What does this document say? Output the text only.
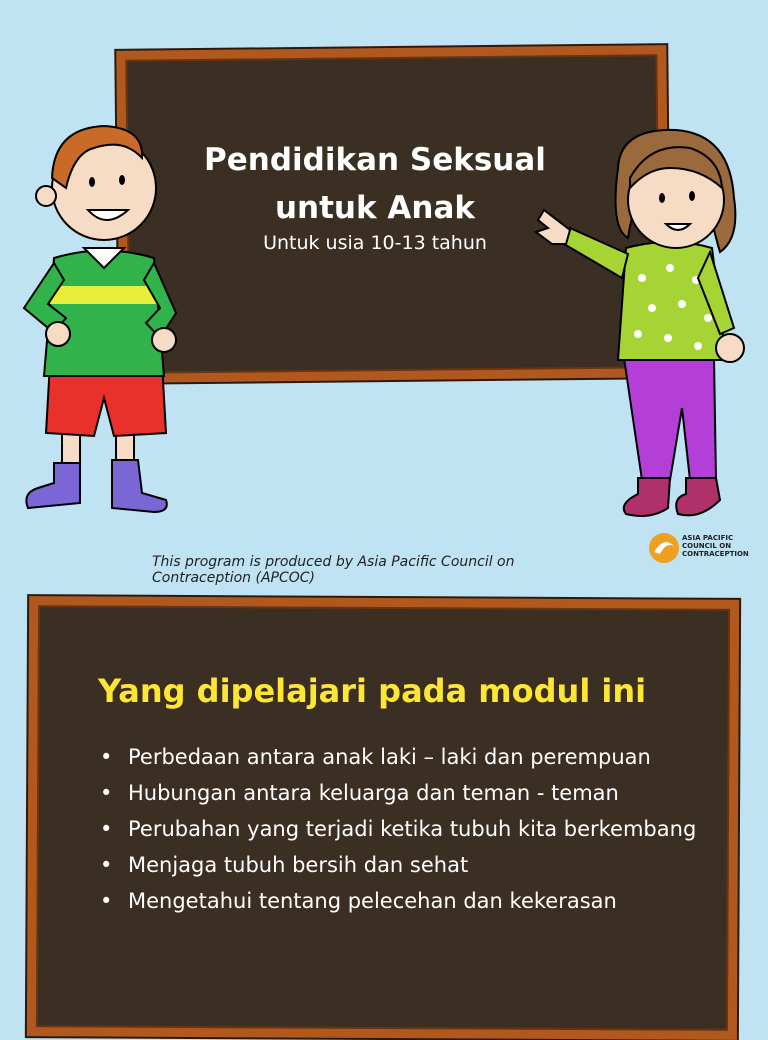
Pendidikan Seksual
untuk Anak
Untuk usia 10-13 tahun
This program is produced by Asia Pacific Council on Contraception (APCOC)
ASIA PACIFIC
COUNCIL ON
CONTRACEPTION
Yang dipelajari pada modul ini
• Perbedaan antara anak laki – laki dan perempuan
• Hubungan antara keluarga dan teman - teman
• Perubahan yang terjadi ketika tubuh kita berkembang
• Menjaga tubuh bersih dan sehat
• Mengetahui tentang pelecehan dan kekerasan
